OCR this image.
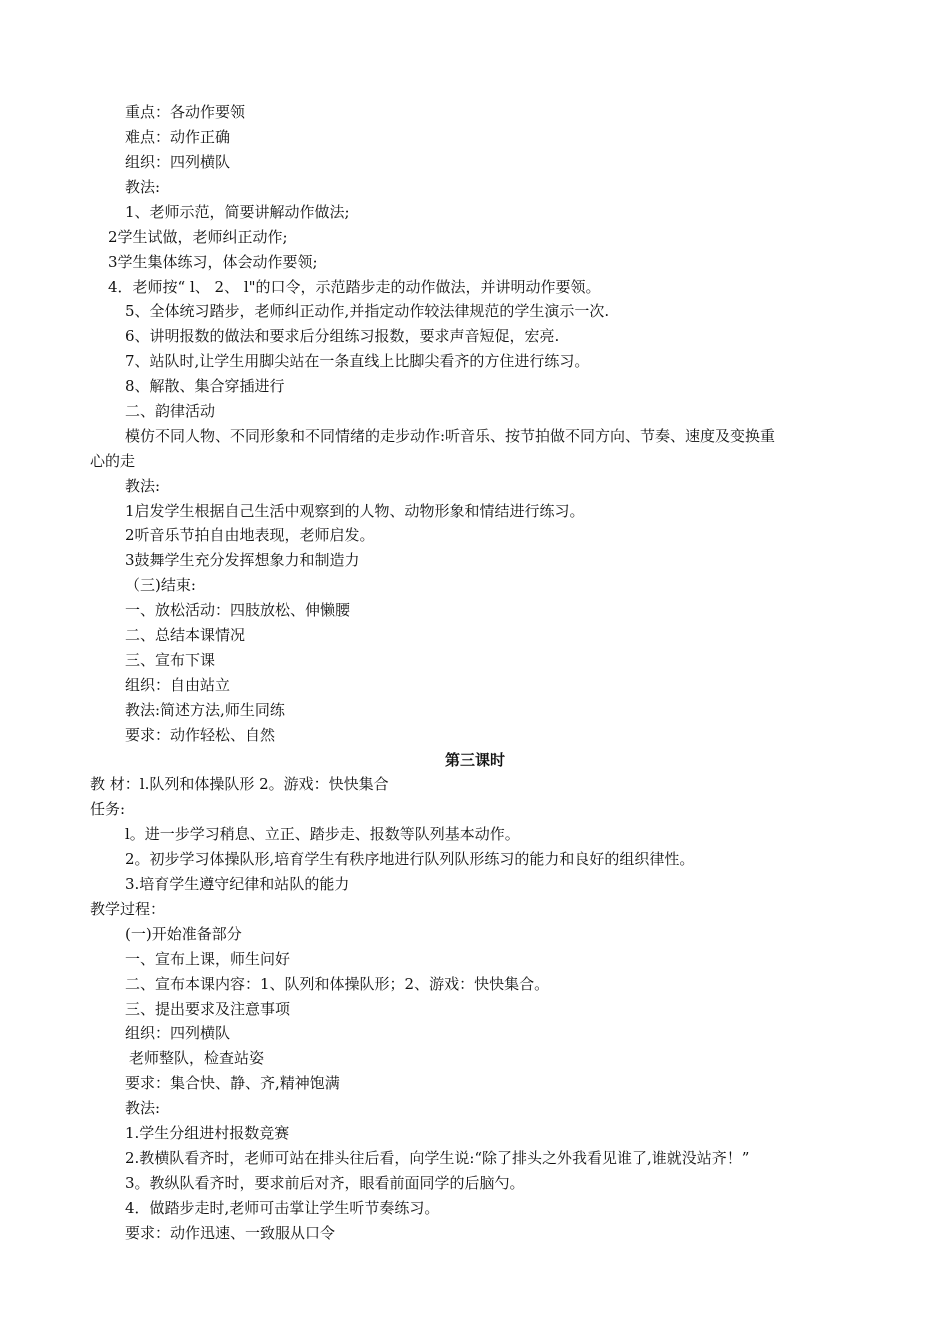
重点：各动作要领
难点：动作正确
组织：四列横队
教法:
1、老师示范，简要讲解动作做法;
2学生试做，老师纠正动作;
3学生集体练习，体会动作要领;
4．老师按“ l、 2、 l"的口令，示范踏步走的动作做法，并讲明动作要领。
5、全体统习踏步，老师纠正动作,并指定动作较法律规范的学生演示一次.
6、讲明报数的做法和要求后分组练习报数，要求声音短促，宏亮.
7、站队时,让学生用脚尖站在一条直线上比脚尖看齐的方住进行练习。
8、解散、集合穿插进行
二、韵律活动
模仿不同人物、不同形象和不同情绪的走步动作:听音乐、按节拍做不同方向、节奏、速度及变换重
心的走
教法:
1启发学生根据自己生活中观察到的人物、动物形象和情结进行练习。
2听音乐节拍自由地表现，老师启发。
3鼓舞学生充分发挥想象力和制造力
（三)结束:
一、放松活动：四肢放松、伸懒腰
二、总结本课情况
三、宣布下课
组织：自由站立
教法:简述方法,师生同练
要求：动作轻松、自然
第三课时
教 材：l.队列和体操队形 2。游戏：快快集合
任务:
l。进一步学习稍息、立正、踏步走、报数等队列基本动作。
2。初步学习体操队形,培育学生有秩序地进行队列队形练习的能力和良好的组织律性。
3.培育学生遵守纪律和站队的能力
教学过程：
(一)开始准备部分
一、宣布上课，师生问好
二、宣布本课内容：1、队列和体操队形；2、游戏：快快集合。
三、提出要求及注意事项
组织：四列横队
老师整队，检查站姿
要求：集合快、静、齐,精神饱满
教法:
1.学生分组进村报数竞赛
2.教横队看齐时，老师可站在排头往后看，向学生说:“除了排头之外我看见谁了,谁就没站齐！”
3。教纵队看齐时，要求前后对齐，眼看前面同学的后脑勺。
4．做踏步走时,老师可击掌让学生听节奏练习。
要求：动作迅速、一致服从口令
